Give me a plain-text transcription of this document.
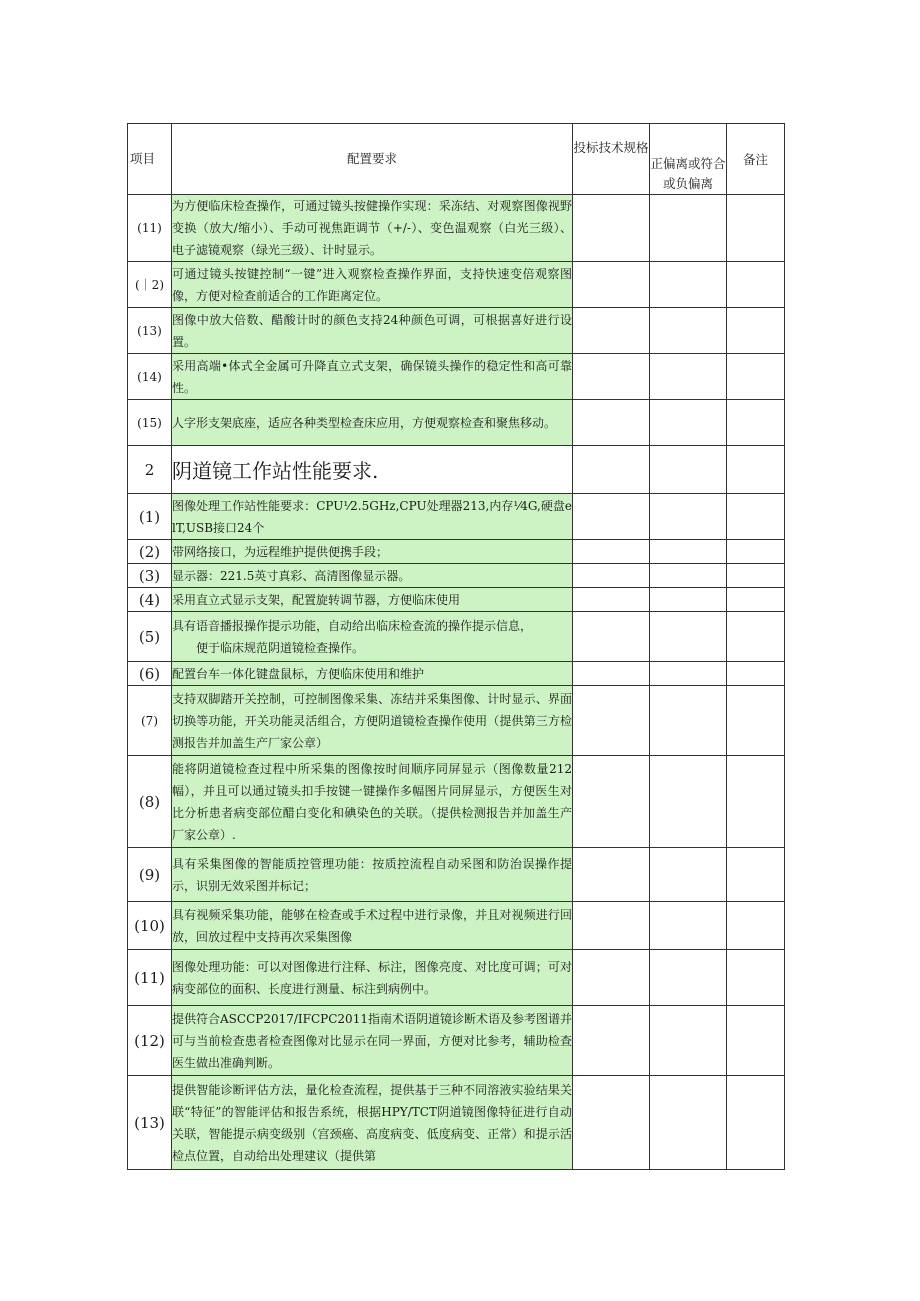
项目	配置要求	投标技术规格	正偏离或符合或负偏离	备注
(11)	为方便临床检查操作，可通过镜头按健操作实现：采冻结、对观察图像视野变换（放大/缩小）、手动可视焦距调节（+/-）、变色温观察（白光三级）、电子滤镜观察（绿光三级）、计时显示。			
(｜2)	可通过镜头按键控制“一键”进入观察检查操作界面，支持快速变倍观察图像，方便对检查前适合的工作距离定位。			
(13)	图像中放大倍数、醋酸计时的颜色支持24种颜色可调，可根据喜好进行设置。			
(14)	采用高端•体式全金属可升降直立式支架，确保镜头操作的稳定性和高可靠性。			
(15)	人字形支架底座，适应各种类型检查床应用，方便观察检查和聚焦移动。			
2	阴道镜工作站性能要求.			
(1)	图像处理工作站性能要求：CPU⅟2.5GHz,CPU处理器213,内存⅟4G,硬盘elT,USB接口24个			
(2)	带网络接口，为远程维护提供便携手段；			
(3)	显示器：221.5英寸真彩、高清图像显示器。			
(4)	采用直立式显示支架，配置旋转调节器，方便临床使用			
(5)	具有语音播报操作提示功能，自动给出临床检查流的操作提示信息，
便于临床规范阴道镜检查操作。			

(6)	配置台车一体化键盘鼠标，方便临床使用和维护			
(7)	支持双脚踏开关控制，可控制图像采集、冻结并采集图像、计时显示、界面切换等功能，开关功能灵活组合，方便阴道镜检查操作使用（提供第三方检测报告并加盖生产厂家公章）			
(8)	能将阴道镜检查过程中所采集的图像按时间顺序同屏显示（图像数量212幅），并且可以通过镜头扣手按键一键操作多幅图片同屏显示，方便医生对比分析患者病变部位醋白变化和碘染色的关联。（提供检测报告并加盖生产厂家公章）.			
(9)	具有采集图像的智能质控管理功能：按质控流程自动采图和防治误操作提示，识别无效采图并标记；			
(10)	具有视频采集功能，能够在检查或手术过程中进行录像，并且对视频进行回放，回放过程中支持再次采集图像			
(11)	图像处理功能：可以对图像进行注释、标注，图像亮度、对比度可调；可对病变部位的面积、长度进行测量、标注到病例中。			
(12)	提供符合ASCCP2017/IFCPC2011指南术语阴道镜诊断术语及参考图谱并可与当前检查患者检查图像对比显示在同一界面，方便对比参考，辅助检查医生做出准确判断。			
(13)	提供智能诊断评估方法，量化检查流程，提供基于三种不同溶液实验结果关联“特征”的智能评估和报告系统，根据HPY/TCT阴道镜图像特征进行自动关联，智能提示病变级别（宫颈癌、高度病变、低度病变、正常）和提示活检点位置，自动给出处理建议（提供第			
